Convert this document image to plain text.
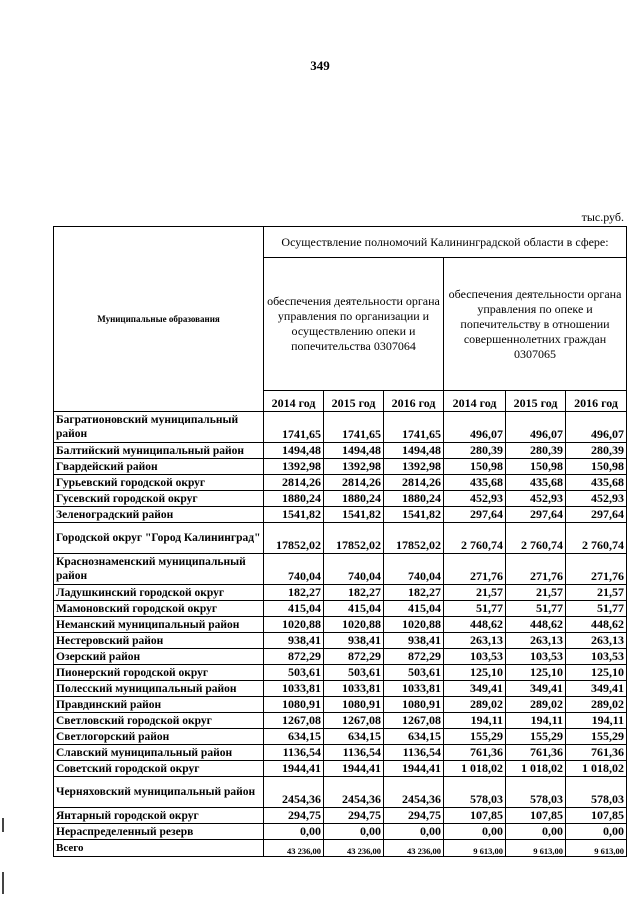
349
тыс.руб.
Муниципальные образования	Осуществление полномочий Калининградской области в сфере:					
	обеспечения деятельности органа управления по организации и осуществлению опеки и попечительства 0307064			обеспечения деятельности органа управления по опеке и попечительству в отношении совершеннолетних граждан 0307065		
	2014 год	2015 год	2016 год	2014 год	2015 год	2016 год
Багратионовский муниципальный район	1741,65	1741,65	1741,65	496,07	496,07	496,07
Балтийский муниципальный район	1494,48	1494,48	1494,48	280,39	280,39	280,39
Гвардейский район	1392,98	1392,98	1392,98	150,98	150,98	150,98
Гурьевский городской округ	2814,26	2814,26	2814,26	435,68	435,68	435,68
Гусевский городской округ	1880,24	1880,24	1880,24	452,93	452,93	452,93
Зеленоградский район	1541,82	1541,82	1541,82	297,64	297,64	297,64
Городской округ "Город Калининград"	17852,02	17852,02	17852,02	2 760,74	2 760,74	2 760,74
Краснознаменский муниципальный район	740,04	740,04	740,04	271,76	271,76	271,76
Ладушкинский городской округ	182,27	182,27	182,27	21,57	21,57	21,57
Мамоновский городской округ	415,04	415,04	415,04	51,77	51,77	51,77
Неманский муниципальный район	1020,88	1020,88	1020,88	448,62	448,62	448,62
Нестеровский район	938,41	938,41	938,41	263,13	263,13	263,13
Озерский район	872,29	872,29	872,29	103,53	103,53	103,53
Пионерский городской округ	503,61	503,61	503,61	125,10	125,10	125,10
Полесский муниципальный район	1033,81	1033,81	1033,81	349,41	349,41	349,41
Правдинский район	1080,91	1080,91	1080,91	289,02	289,02	289,02
Светловский городской округ	1267,08	1267,08	1267,08	194,11	194,11	194,11
Светлогорский район	634,15	634,15	634,15	155,29	155,29	155,29
Славский муниципальный район	1136,54	1136,54	1136,54	761,36	761,36	761,36
Советский городской округ	1944,41	1944,41	1944,41	1 018,02	1 018,02	1 018,02
Черняховский муниципальный район	2454,36	2454,36	2454,36	578,03	578,03	578,03
Янтарный городской округ	294,75	294,75	294,75	107,85	107,85	107,85
Нераспределенный резерв	0,00	0,00	0,00	0,00	0,00	0,00
Всего	43 236,00	43 236,00	43 236,00	9 613,00	9 613,00	9 613,00
